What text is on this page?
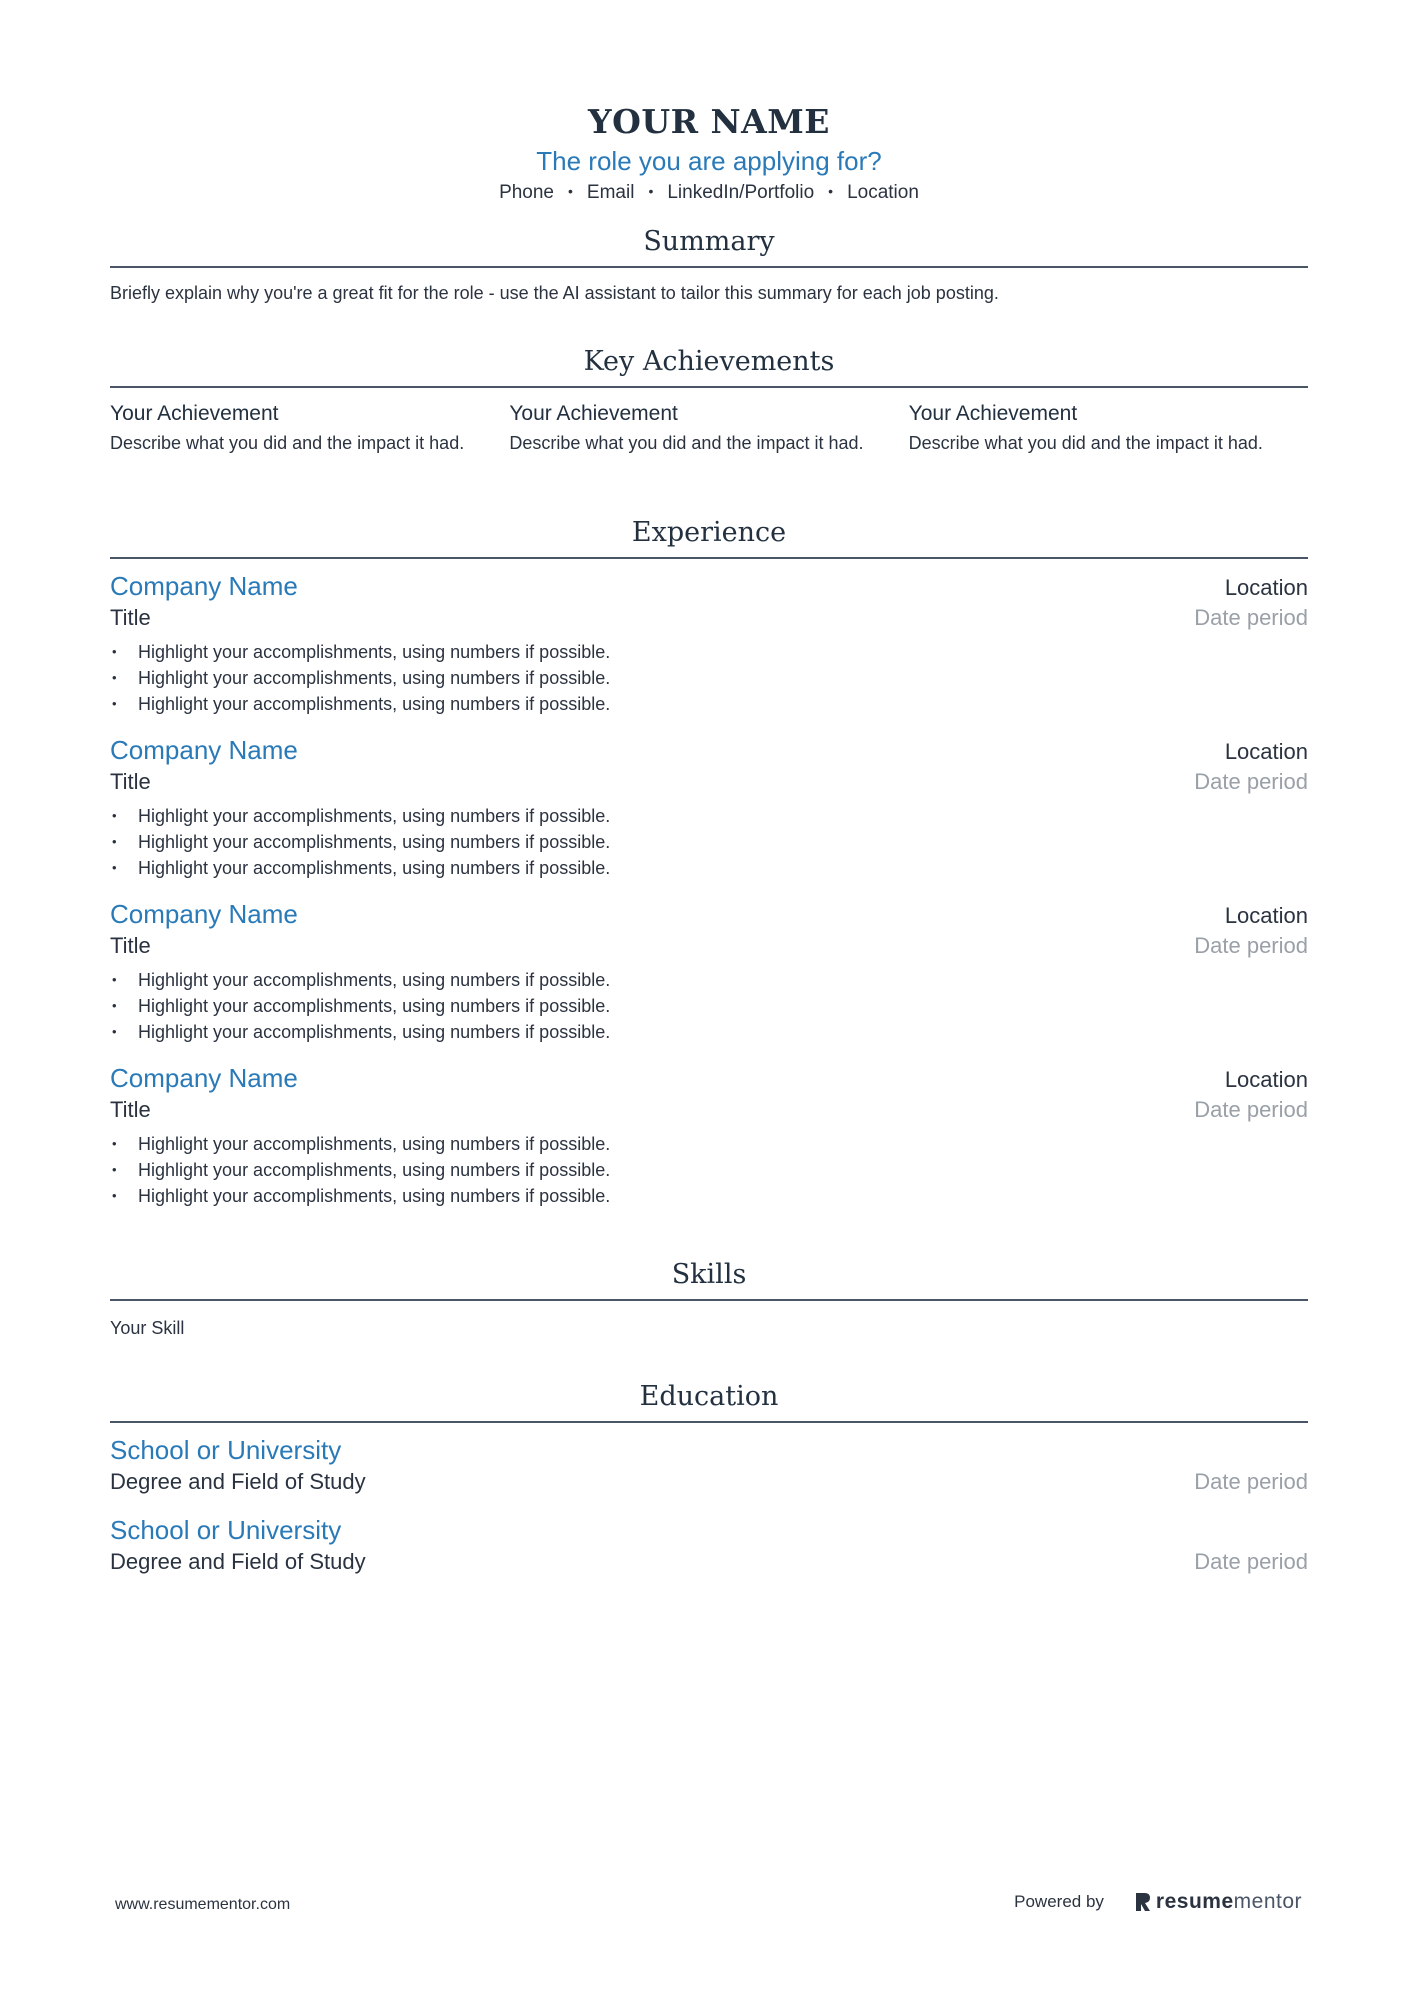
YOUR NAME
The role you are applying for?
Phone • Email • LinkedIn/Portfolio • Location
Summary
Briefly explain why you're a great fit for the role - use the AI assistant to tailor this summary for each job posting.
Key Achievements
Your Achievement
Describe what you did and the impact it had.
Your Achievement
Describe what you did and the impact it had.
Your Achievement
Describe what you did and the impact it had.
Experience
Company Name	Location
Title	Date period
• Highlight your accomplishments, using numbers if possible.
• Highlight your accomplishments, using numbers if possible.
• Highlight your accomplishments, using numbers if possible.
Company Name	Location
Title	Date period
• Highlight your accomplishments, using numbers if possible.
• Highlight your accomplishments, using numbers if possible.
• Highlight your accomplishments, using numbers if possible.
Company Name	Location
Title	Date period
• Highlight your accomplishments, using numbers if possible.
• Highlight your accomplishments, using numbers if possible.
• Highlight your accomplishments, using numbers if possible.
Company Name	Location
Title	Date period
• Highlight your accomplishments, using numbers if possible.
• Highlight your accomplishments, using numbers if possible.
• Highlight your accomplishments, using numbers if possible.
Skills
Your Skill
Education
School or University
Degree and Field of Study	Date period
School or University
Degree and Field of Study	Date period
www.resumementor.com	Powered by resume mentor
